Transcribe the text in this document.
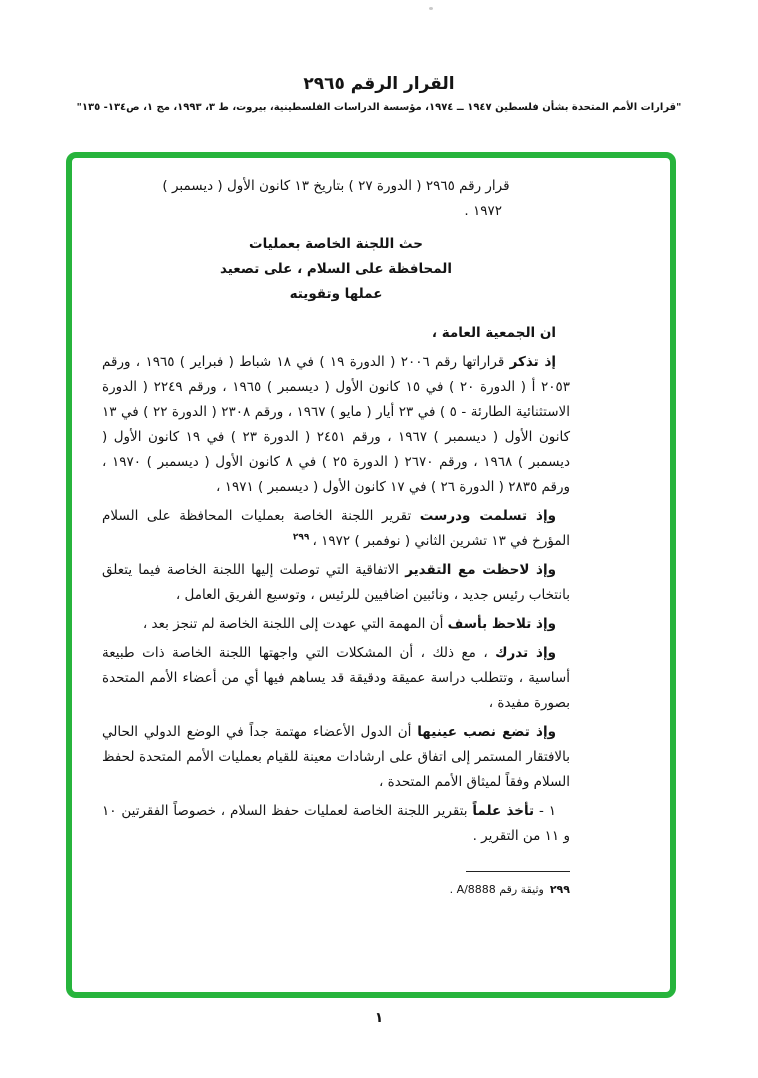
القرار الرقم ٢٩٦٥
"قرارات الأمم المتحدة بشأن فلسطين ١٩٤٧ ــ ١٩٧٤، مؤسسة الدراسات الفلسطينية، بيروت، ط ٣، ١٩٩٣، مج ١، ص١٣٤- ١٣٥"
قرار رقم ٢٩٦٥ ( الدورة ٢٧ ) بتاريخ ١٣ كانون الأول ( ديسمبر )
١٩٧٢ .
حث اللجنة الخاصة بعمليات
المحافظة على السلام ، على تصعيد
عملها وتقويته

ان الجمعية العامة ،

إذ تذكر قراراتها رقم ٢٠٠٦ ( الدورة ١٩ ) في ١٨ شباط ( فبراير ) ١٩٦٥ ، ورقم ٢٠٥٣ أ ( الدورة ٢٠ ) في ١٥ كانون الأول ( ديسمبر ) ١٩٦٥ ، ورقم ٢٢٤٩ ( الدورة الاستثنائية الطارئة - ٥ ) في ٢٣ أيار ( مايو ) ١٩٦٧ ، ورقم ٢٣٠٨ ( الدورة ٢٢ ) في ١٣ كانون الأول ( ديسمبر ) ١٩٦٧ ، ورقم ٢٤٥١ ( الدورة ٢٣ ) في ١٩ كانون الأول ( ديسمبر ) ١٩٦٨ ، ورقم ٢٦٧٠ ( الدورة ٢٥ ) في ٨ كانون الأول ( ديسمبر ) ١٩٧٠ ، ورقم ٢٨٣٥ ( الدورة ٢٦ ) في ١٧ كانون الأول ( ديسمبر ) ١٩٧١ ،

وإذ تسلمت ودرست تقرير اللجنة الخاصة بعمليات المحافظة على السلام المؤرخ في ١٣ تشرين الثاني ( نوفمبر ) ١٩٧٢ ، $^{٢٩٩}$

وإذ لاحظت مع التقدير الاتفاقية التي توصلت إليها اللجنة الخاصة فيما يتعلق بانتخاب رئيس جديد ، ونائبين اضافيين للرئيس ، وتوسيع الفريق العامل ،

وإذ تلاحظ بأسف أن المهمة التي عهدت إلى اللجنة الخاصة لم تنجز بعد ،

وإذ تدرك ، مع ذلك ، أن المشكلات التي واجهتها اللجنة الخاصة ذات طبيعة أساسية ، وتتطلب دراسة عميقة ودقيقة قد يساهم فيها أي من أعضاء الأمم المتحدة بصورة مفيدة ،

وإذ تضع نصب عينيها أن الدول الأعضاء مهتمة جداً في الوضع الدولي الحالي بالافتقار المستمر إلى اتفاق على ارشادات معينة للقيام بعمليات الأمم المتحدة لحفظ السلام وفقاً لميثاق الأمم المتحدة ،

١ - تأخذ علماً بتقرير اللجنة الخاصة لعمليات حفظ السلام ، خصوصاً الفقرتين ١٠ و ١١ من التقرير .

٢٩٩وثيقة رقم A/8888 .
١
